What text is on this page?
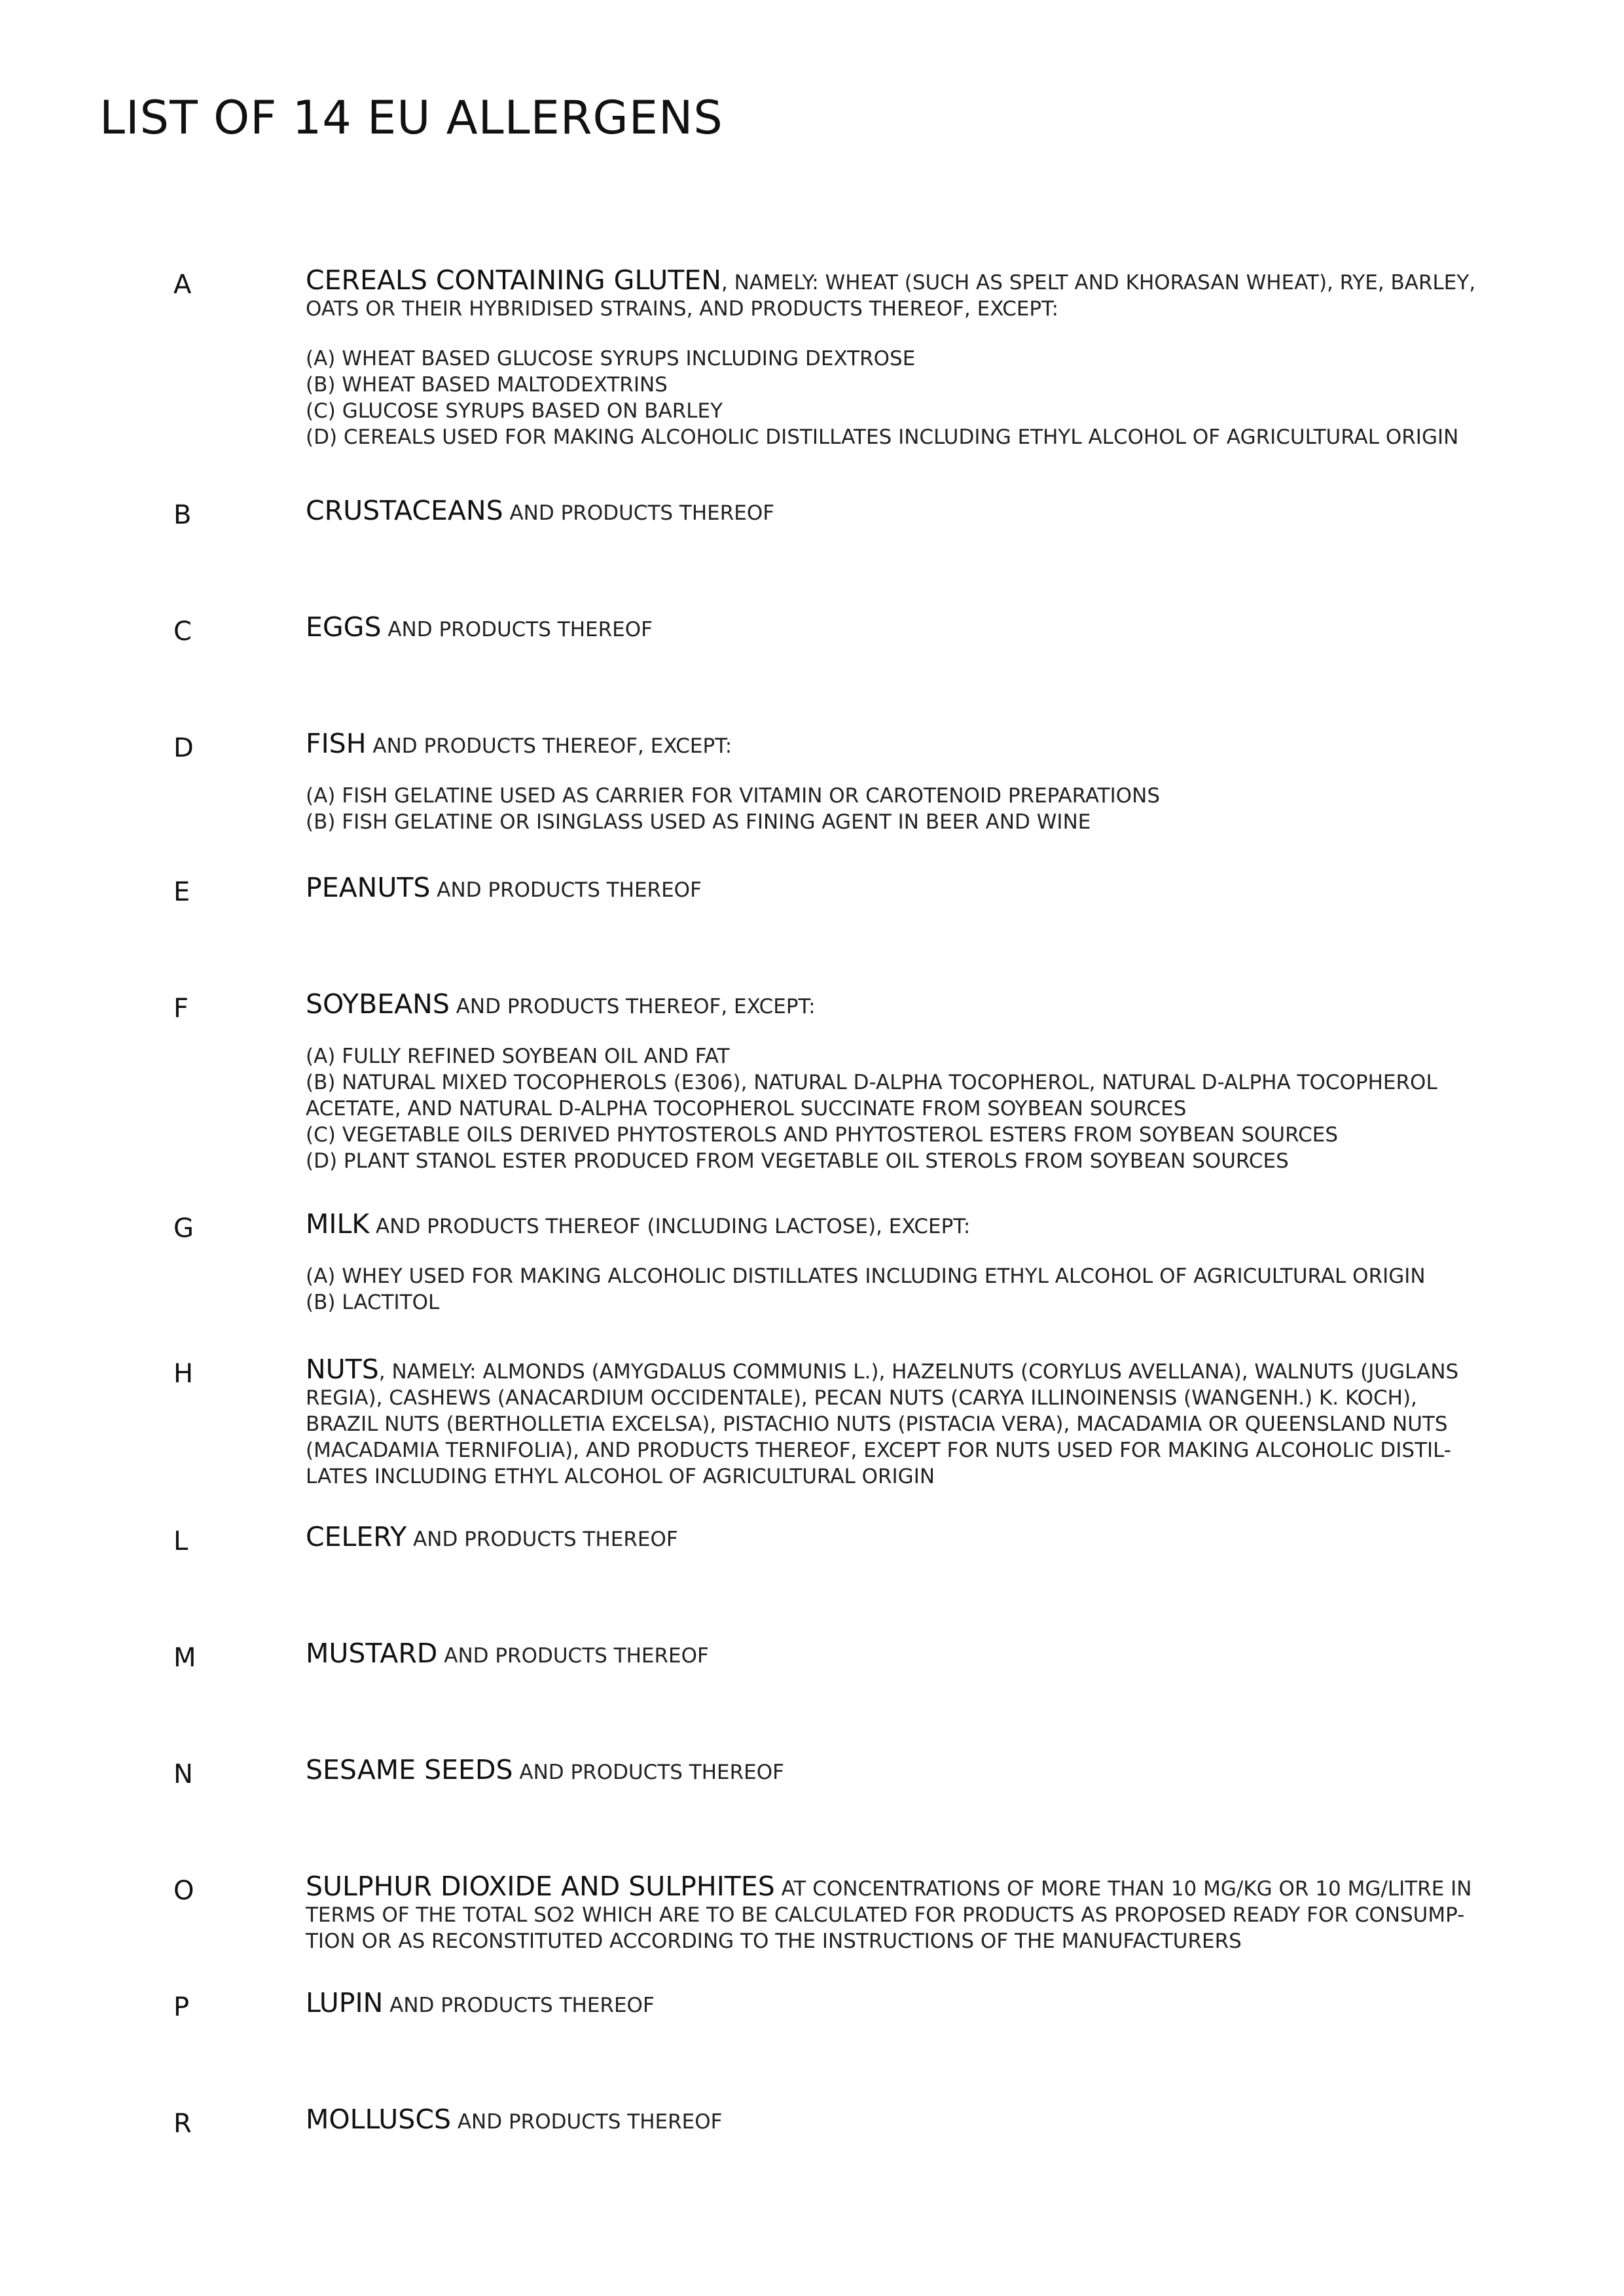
LIST OF 14 EU ALLERGENS
A	CEREALS CONTAINING GLUTEN, NAMELY: WHEAT (SUCH AS SPELT AND KHORASAN WHEAT), RYE, BARLEY, OATS OR THEIR HYBRIDISED STRAINS, AND PRODUCTS THEREOF, EXCEPT:

(A) WHEAT BASED GLUCOSE SYRUPS INCLUDING DEXTROSE
(B) WHEAT BASED MALTODEXTRINS
(C) GLUCOSE SYRUPS BASED ON BARLEY
(D) CEREALS USED FOR MAKING ALCOHOLIC DISTILLATES INCLUDING ETHYL ALCOHOL OF AGRICULTURAL ORIGIN
B	CRUSTACEANS AND PRODUCTS THEREOF

C	EGGS AND PRODUCTS THEREOF

D	FISH AND PRODUCTS THEREOF, EXCEPT:

(A) FISH GELATINE USED AS CARRIER FOR VITAMIN OR CAROTENOID PREPARATIONS
(B) FISH GELATINE OR ISINGLASS USED AS FINING AGENT IN BEER AND WINE
E	PEANUTS AND PRODUCTS THEREOF

F	SOYBEANS AND PRODUCTS THEREOF, EXCEPT:

(A) FULLY REFINED SOYBEAN OIL AND FAT
(B) NATURAL MIXED TOCOPHEROLS (E306), NATURAL D-ALPHA TOCOPHEROL, NATURAL D-ALPHA TOCOPHEROL ACETATE, AND NATURAL D-ALPHA TOCOPHEROL SUCCINATE FROM SOYBEAN SOURCES
(C) VEGETABLE OILS DERIVED PHYTOSTEROLS AND PHYTOSTEROL ESTERS FROM SOYBEAN SOURCES
(D) PLANT STANOL ESTER PRODUCED FROM VEGETABLE OIL STEROLS FROM SOYBEAN SOURCES
G	MILK AND PRODUCTS THEREOF (INCLUDING LACTOSE), EXCEPT:

(A) WHEY USED FOR MAKING ALCOHOLIC DISTILLATES INCLUDING ETHYL ALCOHOL OF AGRICULTURAL ORIGIN
(B) LACTITOL
H	NUTS, NAMELY: ALMONDS (AMYGDALUS COMMUNIS L.), HAZELNUTS (CORYLUS AVELLANA), WALNUTS (JUGLANS REGIA), CASHEWS (ANACARDIUM OCCIDENTALE), PECAN NUTS (CARYA ILLINOINENSIS (WANGENH.) K. KOCH), BRAZIL NUTS (BERTHOLLETIA EXCELSA), PISTACHIO NUTS (PISTACIA VERA), MACADAMIA OR QUEENSLAND NUTS (MACADAMIA TERNIFOLIA), AND PRODUCTS THEREOF, EXCEPT FOR NUTS USED FOR MAKING ALCOHOLIC DISTIL-LATES INCLUDING ETHYL ALCOHOL OF AGRICULTURAL ORIGIN

L	CELERY AND PRODUCTS THEREOF

M	MUSTARD AND PRODUCTS THEREOF

N	SESAME SEEDS AND PRODUCTS THEREOF

O	SULPHUR DIOXIDE AND SULPHITES AT CONCENTRATIONS OF MORE THAN 10 MG/KG OR 10 MG/LITRE IN TERMS OF THE TOTAL SO2 WHICH ARE TO BE CALCULATED FOR PRODUCTS AS PROPOSED READY FOR CONSUMP-TION OR AS RECONSTITUTED ACCORDING TO THE INSTRUCTIONS OF THE MANUFACTURERS

P	LUPIN AND PRODUCTS THEREOF

R	MOLLUSCS AND PRODUCTS THEREOF
